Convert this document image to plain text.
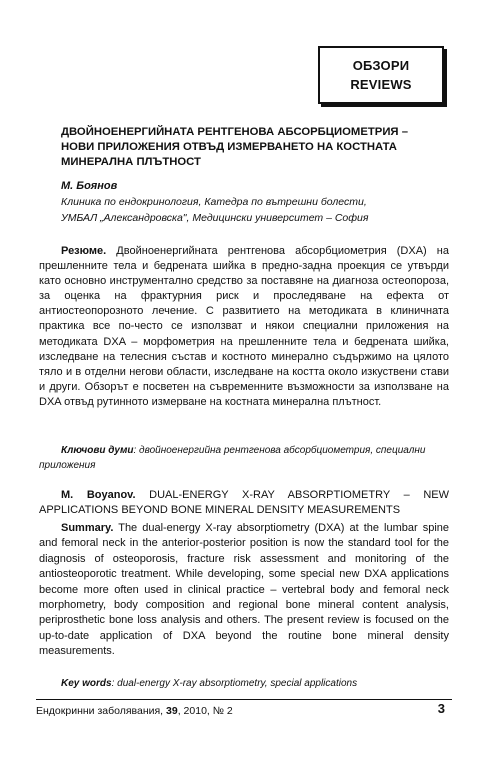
ОБЗОРИ
REVIEWS
ДВОЙНОЕНЕРГИЙНАТА РЕНТГЕНОВА АБСОРБЦИОМЕТРИЯ – НОВИ ПРИЛОЖЕНИЯ ОТВЪД ИЗМЕРВАНЕТО НА КОСТНАТА МИНЕРАЛНА ПЛЪТНОСТ
М. Боянов
Клиника по ендокринология, Катедра по вътрешни болести,
УМБАЛ „Александровска", Медицински университет – София

Резюме. Двойноенергийната рентгенова абсорбциометрия (DXA) на прешленните тела и бедрената шийка в предно-задна проекция се утвърди като основно инструментално средство за поставяне на диагноза остеопороза, за оценка на фрактурния риск и проследяване на ефекта от антиостеопорозното лечение. С развитието на методиката в клиничната практика все по-често се използват и някои специални приложения на методиката DXA – морфометрия на прешленните тела и бедрената шийка, изследване на телесния състав и костното минерално съдържимо на цялото тяло и в отделни негови области, изследване на костта около изкуствени стави и други. Обзорът е посветен на съвременните възможности за използване на DXA отвъд рутинното измерване на костната минерална плътност.

Ключови думи: двойноенергийна рентгенова абсорбциометрия, специални приложения

M. Boyanov. DUAL-ENERGY X-RAY ABSORPTIOMETRY – NEW APPLICATIONS BEYOND BONE MINERAL DENSITY MEASUREMENTS

Summary. The dual-energy X-ray absorptiometry (DXA) at the lumbar spine and femoral neck in the anterior-posterior position is now the standard tool for the diagnosis of osteoporosis, fracture risk assessment and monitoring of the antiosteoporotic treatment. While developing, some special new DXA applications become more often used in clinical practice – vertebral body and femoral neck morphometry, body composition and regional bone mineral content analysis, periprosthetic bone loss analysis and others. The present review is focused on the up-to-date application of DXA beyond the routine bone mineral density measurements.

Key words: dual-energy X-ray absorptiometry, special applications

Ендокринни заболявания, 39, 2010, № 2	3
